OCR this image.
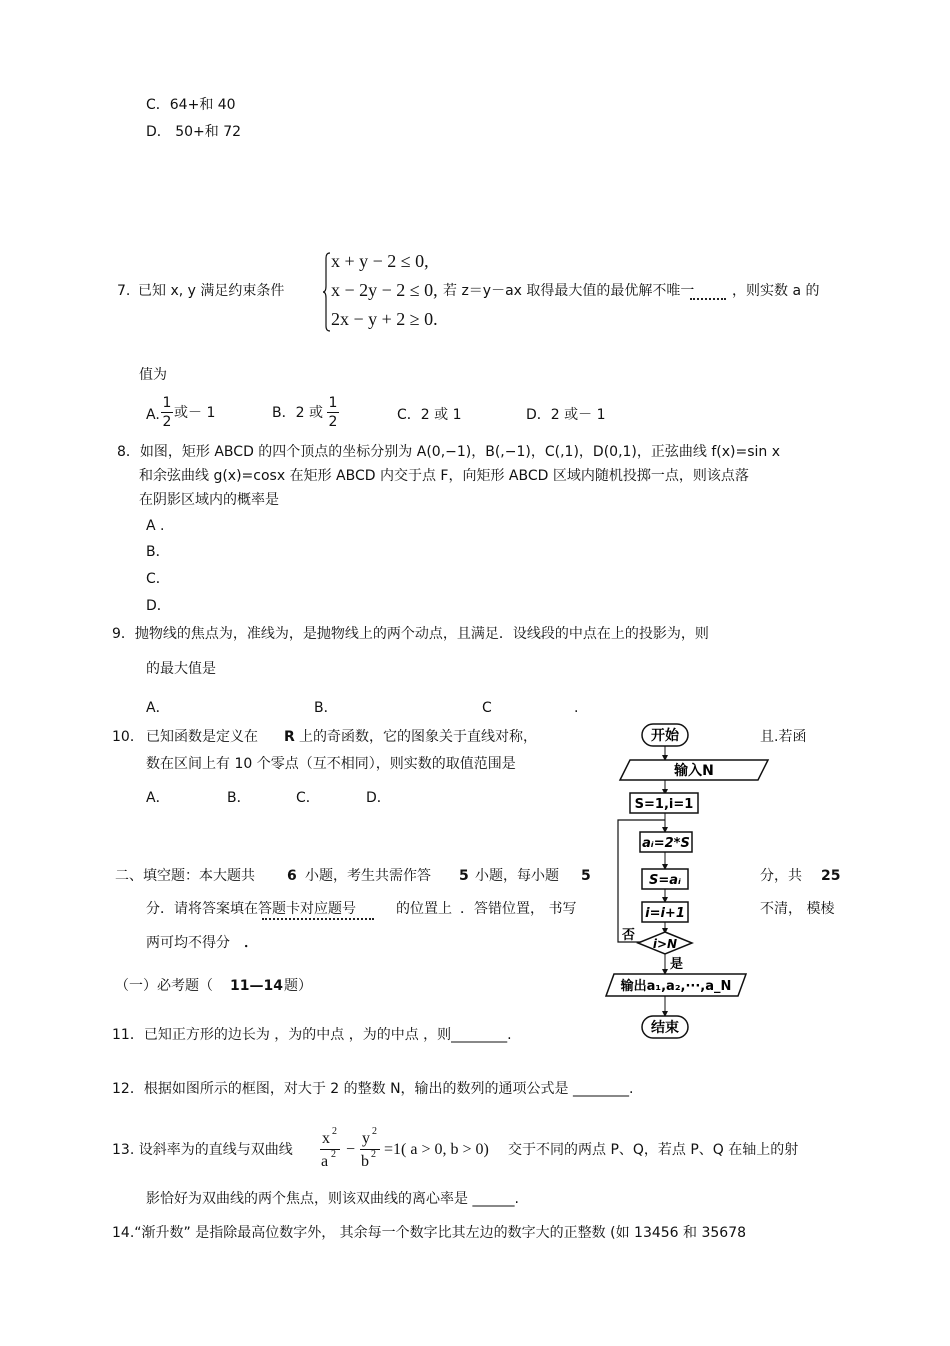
C．64+和 40
D． 50+和 72
7. 已知 x, y 满足约束条件
x + y − 2 ≤ 0,
x − 2y − 2 ≤ 0,
2x − y + 2 ≥ 0.
若 z＝y－ax 取得最大值的最优解不唯一	，则实数 a 的
值为
A.
1
2
或－ 1	B．2 或
1
2	C．2 或 1	D．2 或－ 1
8．如图，矩形 ABCD 的四个顶点的坐标分别为 A(0,−1)，B(,−1)，C(,1)，D(0,1)，正弦曲线 f(x)=sin x
和余弦曲线 g(x)=cosx 在矩形 ABCD 内交于点 F，向矩形 ABCD 区域内随机投掷一点，则该点落
在阴影区域内的概率是
A .
B．
C．
D．
9．抛物线的焦点为，准线为，是抛物线上的两个动点，且满足．设线段的中点在上的投影为，则
的最大值是
A．	B．	C	.
10． 已知函数是定义在 R 上的奇函数，它的图象关于直线对称，	且.若函
数在区间上有 10 个零点（互不相同），则实数的取值范围是
A．	B．	C．	D．
二、填空题：本大题共 6 小题，考生共需作答 5 小题，每小题 5	分，共 25
分．请将答案填在答题卡对应题号	的位置上 ．答错位置， 书写	不清， 模棱
两可均不得分 ．
（一）必考题（ 11—14 题）
11．已知正方形的边长为 ，为的中点 ，为的中点 ，则________.
12．根据如图所示的框图，对大于 2 的整数 N，输出的数列的通项公式是 ________.
13. 设斜率为的直线与双曲线
x 2
a 2 −
y 2
b 2 =1( a > 0, b > 0) 交于不同的两点 P、Q，若点 P、Q 在轴上的射
影恰好为双曲线的两个焦点，则该双曲线的离心率是 ______.
14.“渐升数” 是指除最高位数字外， 其余每一个数字比其左边的数字大的正整数 (如 13456 和 35678
开始
输入N
S=1,i=1
否
aᵢ=2*S
S=aᵢ
i=i+1
i>N
是
输出a₁,a₂,···,a_N
结束
